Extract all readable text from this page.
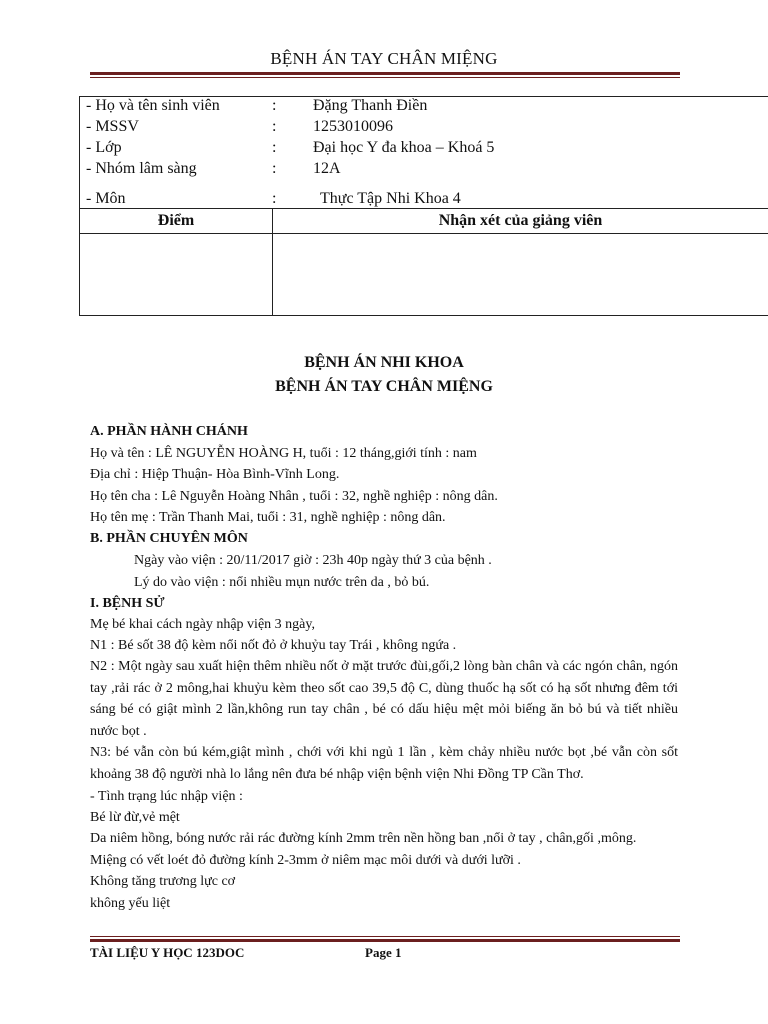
BỆNH ÁN TAY CHÂN MIỆNG
- Họ và tên sinh viên	: Đặng Thanh Điền
- MSSV	: 1253010096
- Lớp	: Đại học Y đa khoa – Khoá 5
- Nhóm lâm sàng	: 12A
- Môn	:	Thực Tập Nhi Khoa 4
Điểm	Nhận xét của giảng viên

BỆNH ÁN NHI KHOA
BỆNH ÁN TAY CHÂN MIỆNG
A. PHẦN HÀNH CHÁNH
Họ và tên : LÊ NGUYỄN HOÀNG H, tuổi : 12 tháng,giới tính : nam
Địa chỉ : Hiệp Thuận- Hòa Bình-Vĩnh Long.
Họ tên cha : Lê Nguyễn Hoàng Nhân , tuổi : 32, nghề nghiệp : nông dân.
Họ tên mẹ : Trần Thanh Mai, tuổi : 31, nghề nghiệp : nông dân.
B. PHẦN CHUYÊN MÔN
Ngày vào viện : 20/11/2017 giờ : 23h 40p ngày thứ 3 của bệnh .
Lý do vào viện : nổi nhiều mụn nước trên da , bỏ bú.
I. BỆNH SỬ
Mẹ bé khai cách ngày nhập viện 3 ngày,
N1 : Bé sốt 38 độ kèm nổi nốt đỏ ở khuỷu tay Trái , không ngứa .
N2 : Một ngày sau xuất hiện thêm nhiều nốt ở mặt trước đùi,gối,2 lòng bàn chân và các ngón chân, ngón tay ,rải rác ở 2 mông,hai khuỷu kèm theo sốt cao 39,5 độ C, dùng thuốc hạ sốt có hạ sốt nhưng đêm tới sáng bé có giật mình 2 lần,không run tay chân , bé có dấu hiệu mệt mỏi biếng ăn bỏ bú và tiết nhiều nước bọt .
N3: bé vẫn còn bú kém,giật mình , chới với khi ngủ 1 lần , kèm chảy nhiều nước bọt ,bé vẫn còn sốt khoảng 38 độ người nhà lo lắng nên đưa bé nhập viện bệnh viện Nhi Đồng TP Cần Thơ.
- Tình trạng lúc nhập viện :
Bé lừ đừ,vẻ mệt
Da niêm hồng, bóng nước rải rác đường kính 2mm trên nền hồng ban ,nổi ở tay , chân,gối ,mông.
Miệng có vết loét đỏ đường kính 2-3mm ở niêm mạc môi dưới và dưới lưỡi .
Không tăng trương lực cơ
không yếu liệt
TÀI LIỆU Y HỌC 123DOC	Page 1
